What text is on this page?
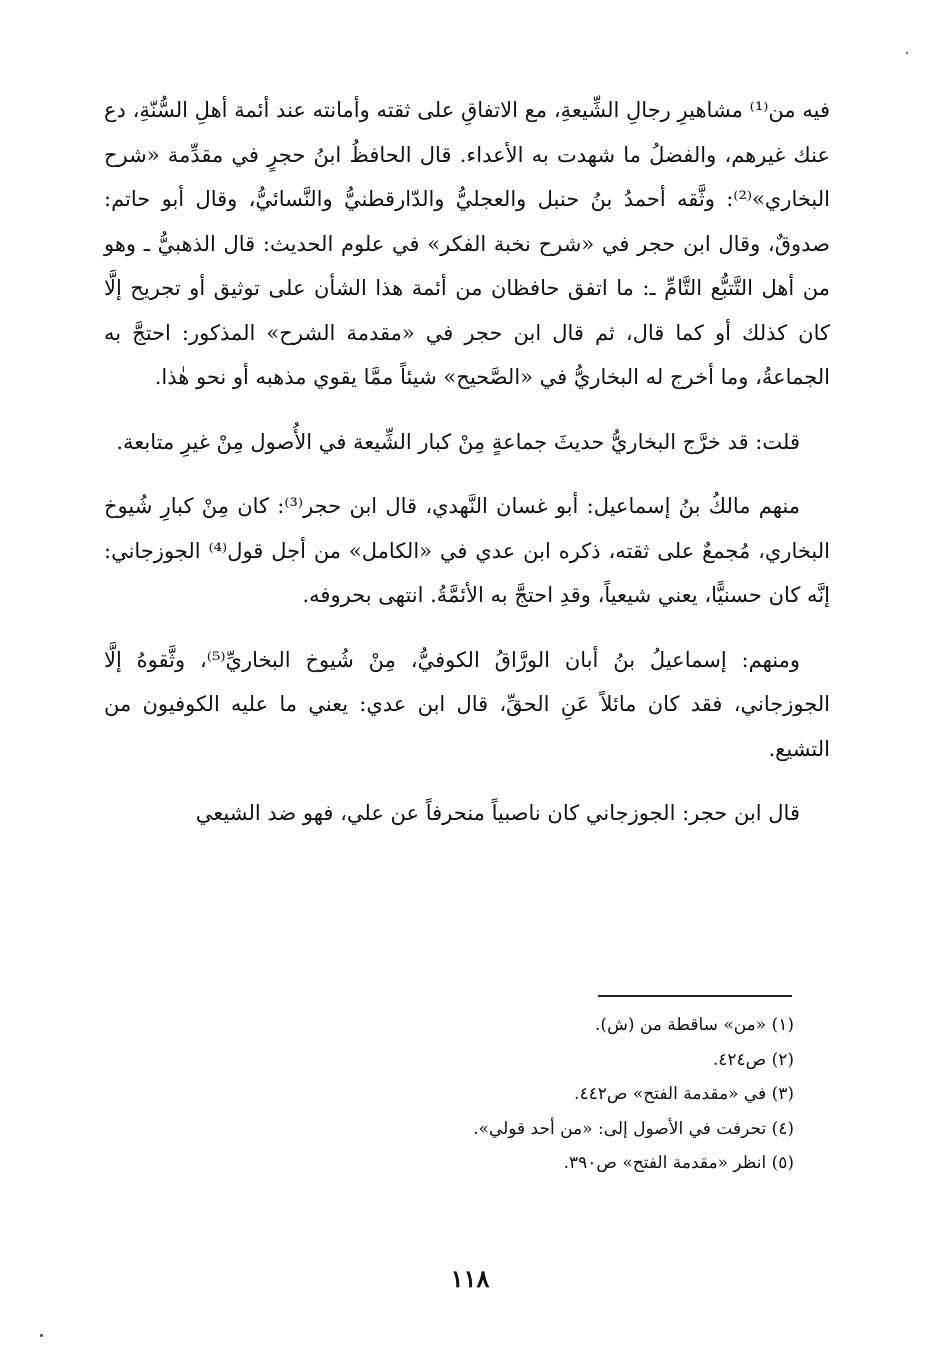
فيه من⁽¹⁾ مشاهيرِ رجالِ الشِّيعةِ، مع الاتفاقِ على ثقته وأمانته عند أئمة أهلِ السُّنّةِ، دع عنك غيرهم، والفضلُ ما شهدت به الأعداء. قال الحافظُ ابنُ حجرٍ في مقدِّمة «شرح البخاري»⁽²⁾: وثَّقه أحمدُ بنُ حنبل والعجليُّ والدّارقطنيُّ والنَّسائيُّ، وقال أبو حاتم: صدوقٌ، وقال ابن حجر في «شرح نخبة الفكر» في علوم الحديث: قال الذهبيُّ ـ وهو من أهل التَّتبُّع التَّامِّ ـ: ما اتفق حافظان من أئمة هذا الشأن على توثيق أو تجريح إلَّا كان كذلك أو كما قال، ثم قال ابن حجر في «مقدمة الشرح» المذكور: احتجَّ به الجماعةُ، وما أخرج له البخاريُّ في «الصَّحيح» شيئاً ممَّا يقوي مذهبه أو نحو هٰذا.

قلت: قد خرَّج البخاريُّ حديثَ جماعةٍ مِنْ كبار الشِّيعة في الأُصول مِنْ غيرِ متابعة.

منهم مالكُ بنُ إسماعيل: أبو غسان النَّهدي، قال ابن حجر⁽³⁾: كان مِنْ كبارِ شُيوخ البخاري، مُجمعٌ على ثقته، ذكره ابن عدي في «الكامل» من أجل قول⁽⁴⁾ الجوزجاني: إنَّه كان حسنيًّا، يعني شيعياً، وقدِ احتجَّ به الأئمَّةُ. انتهى بحروفه.

ومنهم: إسماعيلُ بنُ أبان الورَّاقُ الكوفيُّ، مِنْ شُيوخ البخاريِّ⁽⁵⁾، وثَّقوهُ إلَّا الجوزجاني، فقد كان مائلاً عَنِ الحقِّ، قال ابن عدي: يعني ما عليه الكوفيون من التشيع.

قال ابن حجر: الجوزجاني كان ناصبياً منحرفاً عن علي، فهو ضد الشيعي

(١) «من» ساقطة من (ش).

(٢) ص٤٢٤.

(٣) في «مقدمة الفتح» ص٤٤٢.

(٤) تحرفت في الأصول إلى: «من أحد قولي».

(٥) انظر «مقدمة الفتح» ص٣٩٠.

١١٨
